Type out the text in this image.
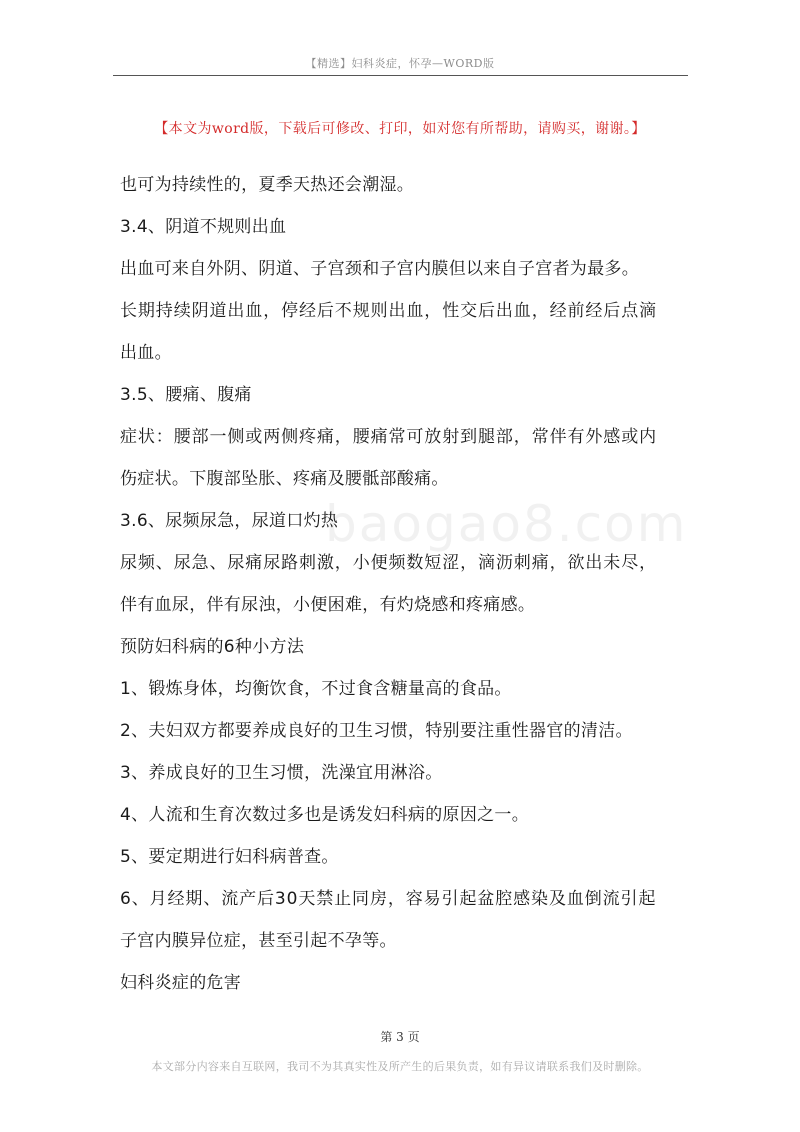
【精选】妇科炎症，怀孕—WORD版
【本文为word版，下载后可修改、打印，如对您有所帮助，请购买，谢谢。】
baogao8.com
也可为持续性的，夏季天热还会潮湿。
3.4、阴道不规则出血
出血可来自外阴、阴道、子宫颈和子宫内膜但以来自子宫者为最多。
长期持续阴道出血，停经后不规则出血，性交后出血，经前经后点滴
出血。
3.5、腰痛、腹痛
症状：腰部一侧或两侧疼痛，腰痛常可放射到腿部，常伴有外感或内
伤症状。下腹部坠胀、疼痛及腰骶部酸痛。
3.6、尿频尿急，尿道口灼热
尿频、尿急、尿痛尿路刺激，小便频数短涩，滴沥刺痛，欲出未尽，
伴有血尿，伴有尿浊，小便困难，有灼烧感和疼痛感。
预防妇科病的6种小方法
1、锻炼身体，均衡饮食，不过食含糖量高的食品。
2、夫妇双方都要养成良好的卫生习惯，特别要注重性器官的清洁。
3、养成良好的卫生习惯，洗澡宜用淋浴。
4、人流和生育次数过多也是诱发妇科病的原因之一。
5、要定期进行妇科病普查。
6、月经期、流产后30天禁止同房，容易引起盆腔感染及血倒流引起
子宫内膜异位症，甚至引起不孕等。
妇科炎症的危害
第 3 页
本文部分内容来自互联网，我司不为其真实性及所产生的后果负责，如有异议请联系我们及时删除。
